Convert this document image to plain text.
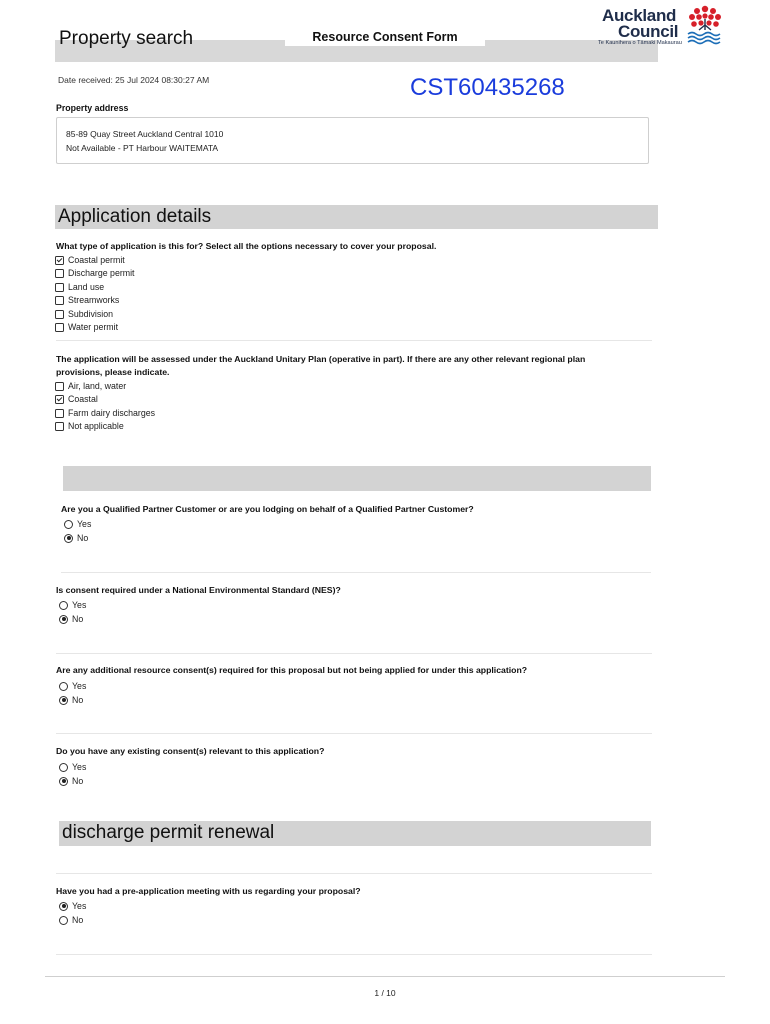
Property search	Resource Consent Form
Auckland
Council
Te Kaunihera o Tāmaki Makaurau
Date received: 25 Jul 2024 08:30:27 AM	CST60435268
Property address
85-89 Quay Street Auckland Central 1010
Not Available - PT Harbour WAITEMATA
Application details
What type of application is this for? Select all the options necessary to cover your proposal.
Coastal permit
Discharge permit
Land use
Streamworks
Subdivision
Water permit
The application will be assessed under the Auckland Unitary Plan (operative in part). If there are any other relevant regional plan
provisions, please indicate.
Air, land, water
Coastal
Farm dairy discharges
Not applicable
Are you a Qualified Partner Customer or are you lodging on behalf of a Qualified Partner Customer?
Yes
No
Is consent required under a National Environmental Standard (NES)?
Yes
No
Are any additional resource consent(s) required for this proposal but not being applied for under this application?
Yes
No
Do you have any existing consent(s) relevant to this application?
Yes
No
discharge permit renewal
Have you had a pre-application meeting with us regarding your proposal?
Yes
No
1 / 10
